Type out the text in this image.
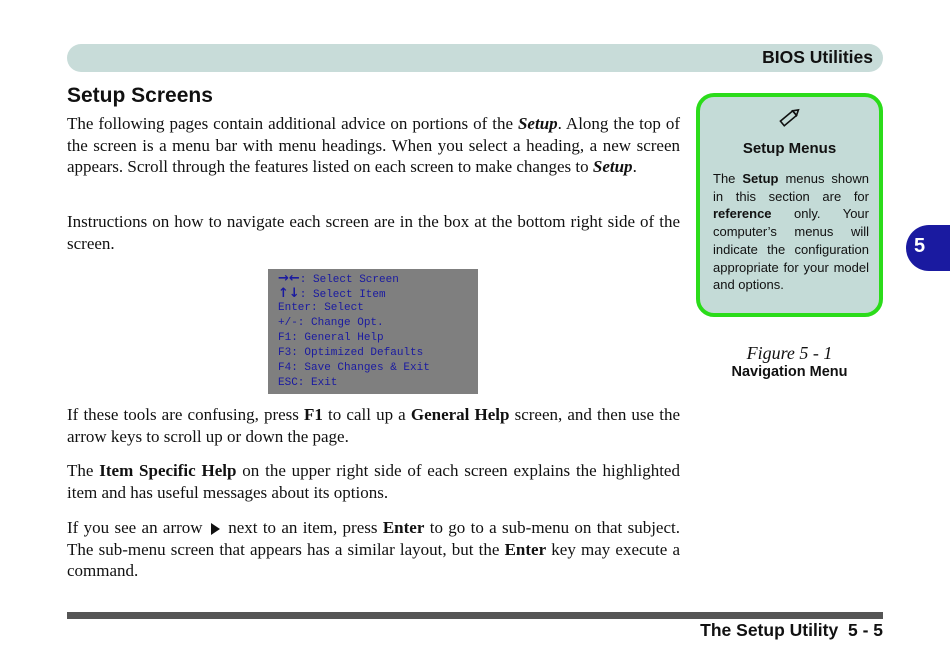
BIOS Utilities
Setup Screens
The following pages contain additional advice on portions of the Setup. Along the top of the screen is a menu bar with menu headings. When you select a heading, a new screen appears. Scroll through the features listed on each screen to make changes to Setup.
Instructions on how to navigate each screen are in the box at the bottom right side of the screen.
→←: Select Screen
↑↓: Select Item
Enter: Select
+/-: Change Opt.
F1: General Help
F3: Optimized Defaults
F4: Save Changes & Exit
ESC: Exit
If these tools are confusing, press F1 to call up a General Help screen, and then use the arrow keys to scroll up or down the page.
The Item Specific Help on the upper right side of each screen explains the highlighted item and has useful messages about its options.
If you see an arrow  next to an item, press Enter to go to a sub-menu on that subject. The sub-menu screen that appears has a similar layout, but the Enter key may execute a command.
Setup Menus
The Setup menus shown in this section are for reference only. Your computer’s menus will indicate the configuration appropriate for your model and options.
Figure 5 - 1
Navigation Menu
5
The Setup Utility 5 - 5
